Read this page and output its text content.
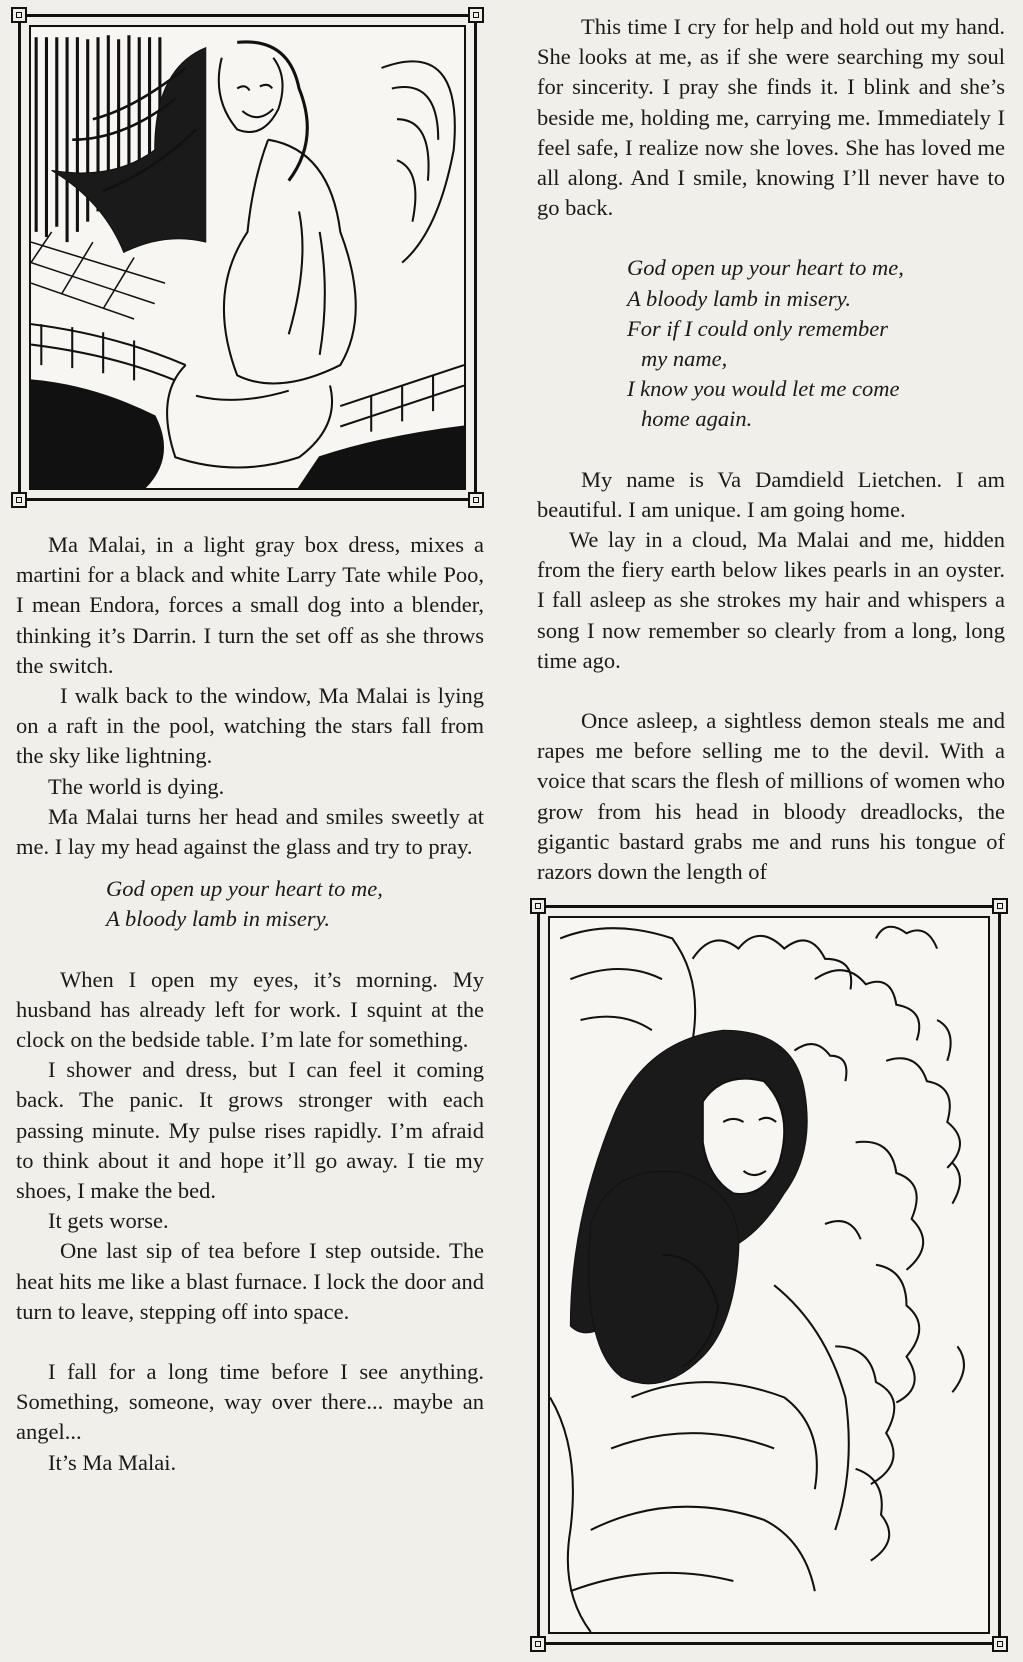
Ma Malai, in a light gray box dress, mixes a martini for a black and white Larry Tate while Poo, I mean Endora, forces a small dog into a blender, thinking it’s Darrin. I turn the set off as she throws the switch.

I walk back to the window, Ma Malai is lying on a raft in the pool, watching the stars fall from the sky like lightning.

The world is dying.

Ma Malai turns her head and smiles sweetly at me. I lay my head against the glass and try to pray.

God open up your heart to me,
A bloody lamb in misery.

When I open my eyes, it’s morning. My husband has already left for work. I squint at the clock on the bedside table. I’m late for something.

I shower and dress, but I can feel it coming back. The panic. It grows stronger with each passing minute. My pulse rises rapidly. I’m afraid to think about it and hope it’ll go away. I tie my shoes, I make the bed.

It gets worse.

One last sip of tea before I step outside. The heat hits me like a blast furnace. I lock the door and turn to leave, stepping off into space.

I fall for a long time before I see anything. Something, someone, way over there... maybe an angel...

It’s Ma Malai.

This time I cry for help and hold out my hand. She looks at me, as if she were searching my soul for sincerity. I pray she finds it. I blink and she’s beside me, holding me, carrying me. Immediately I feel safe, I realize now she loves. She has loved me all along. And I smile, knowing I’ll never have to go back.

God open up your heart to me,
A bloody lamb in misery.
For if I could only remember
my name,
I know you would let me come
home again.

My name is Va Damdield Lietchen. I am beautiful. I am unique. I am going home.

We lay in a cloud, Ma Malai and me, hidden from the fiery earth below likes pearls in an oyster. I fall asleep as she strokes my hair and whispers a song I now remember so clearly from a long, long time ago.

Once asleep, a sightless demon steals me and rapes me before selling me to the devil. With a voice that scars the flesh of millions of women who grow from his head in bloody dreadlocks, the gigantic bastard grabs me and runs his tongue of razors down the length of
